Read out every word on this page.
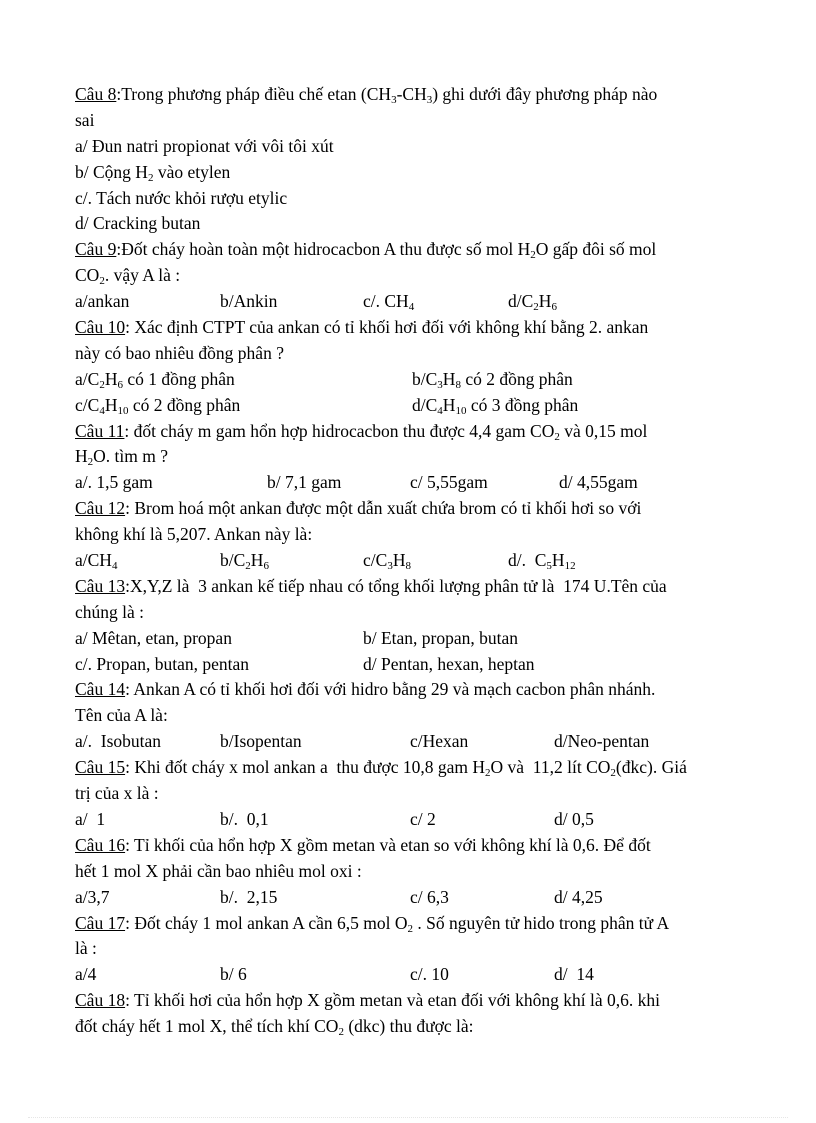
Câu 8:Trong phương pháp điều chế etan $(CH_3-CH_3)$ ghi dưới đây phương pháp nào
sai
a/ Đun natri propionat với vôi tôi xút
b/ Cộng $H_2$ vào etylen
c/. Tách nước khỏi rượu etylic
d/ Cracking butan
Câu 9:Đốt cháy hoàn toàn một hidrocacbon A thu được số mol $H_2O$ gấp đôi số mol
$CO_2$. vậy A là :
a/ankan	b/Ankin	c/. $CH_4$	$d/C_2H_6$
Câu 10: Xác định CTPT của ankan có tỉ khối hơi đối với không khí bằng 2. ankan
này có bao nhiêu đồng phân ?
$a/C_2H_6$ có 1 đồng phân	$b/C_3H_8$ có 2 đồng phân
$c/C_4H_{10}$ có 2 đồng phân	$d/C_4H_{10}$ có 3 đồng phân
Câu 11: đốt cháy m gam hổn hợp hidrocacbon thu được 4,4 gam $CO_2$ và 0,15 mol
$H_2O$. tìm m ?
a/. 1,5 gam	b/ 7,1 gam	c/ 5,55gam	d/ 4,55gam
Câu 12: Brom hoá một ankan được một dẫn xuất chứa brom có tỉ khối hơi so với
không khí là 5,207. Ankan này là:
$a/CH_4$	$b/C_2H_6$	$c/C_3H_8$	d/.  $C_5H_{12}$
Câu 13:X,Y,Z là  3 ankan kế tiếp nhau có tổng khối lượng phân tử là  174 U.Tên của
chúng là :
a/ Mêtan, etan, propan	b/ Etan, propan, butan
c/. Propan, butan, pentan	d/ Pentan, hexan, heptan
Câu 14: Ankan A có tỉ khối hơi đối với hidro bằng 29 và mạch cacbon phân nhánh.
Tên của A là:
a/.  Isobutan	b/Isopentan	c/Hexan	d/Neo-pentan
Câu 15: Khi đốt cháy x mol ankan a  thu được 10,8 gam $H_2O$ và  11,2 lít $CO_2(đkc)$. Giá
trị của x là :
a/  1	b/.  0,1	c/ 2	d/ 0,5
Câu 16: Tỉ khối của hổn hợp X gồm metan và etan so với không khí là 0,6. Để đốt
hết 1 mol X phải cần bao nhiêu mol oxi :
a/3,7	b/.  2,15	c/ 6,3	d/ 4,25
Câu 17: Đốt cháy 1 mol ankan A cần 6,5 mol $O_2$ . Số nguyên tử hido trong phân tử A
là :
a/4	b/ 6	c/. 10	d/  14
Câu 18: Tỉ khối hơi của hổn hợp X gồm metan và etan đối với không khí là 0,6. khi
đốt cháy hết 1 mol X, thể tích khí $CO_2$ (dkc) thu được là:
